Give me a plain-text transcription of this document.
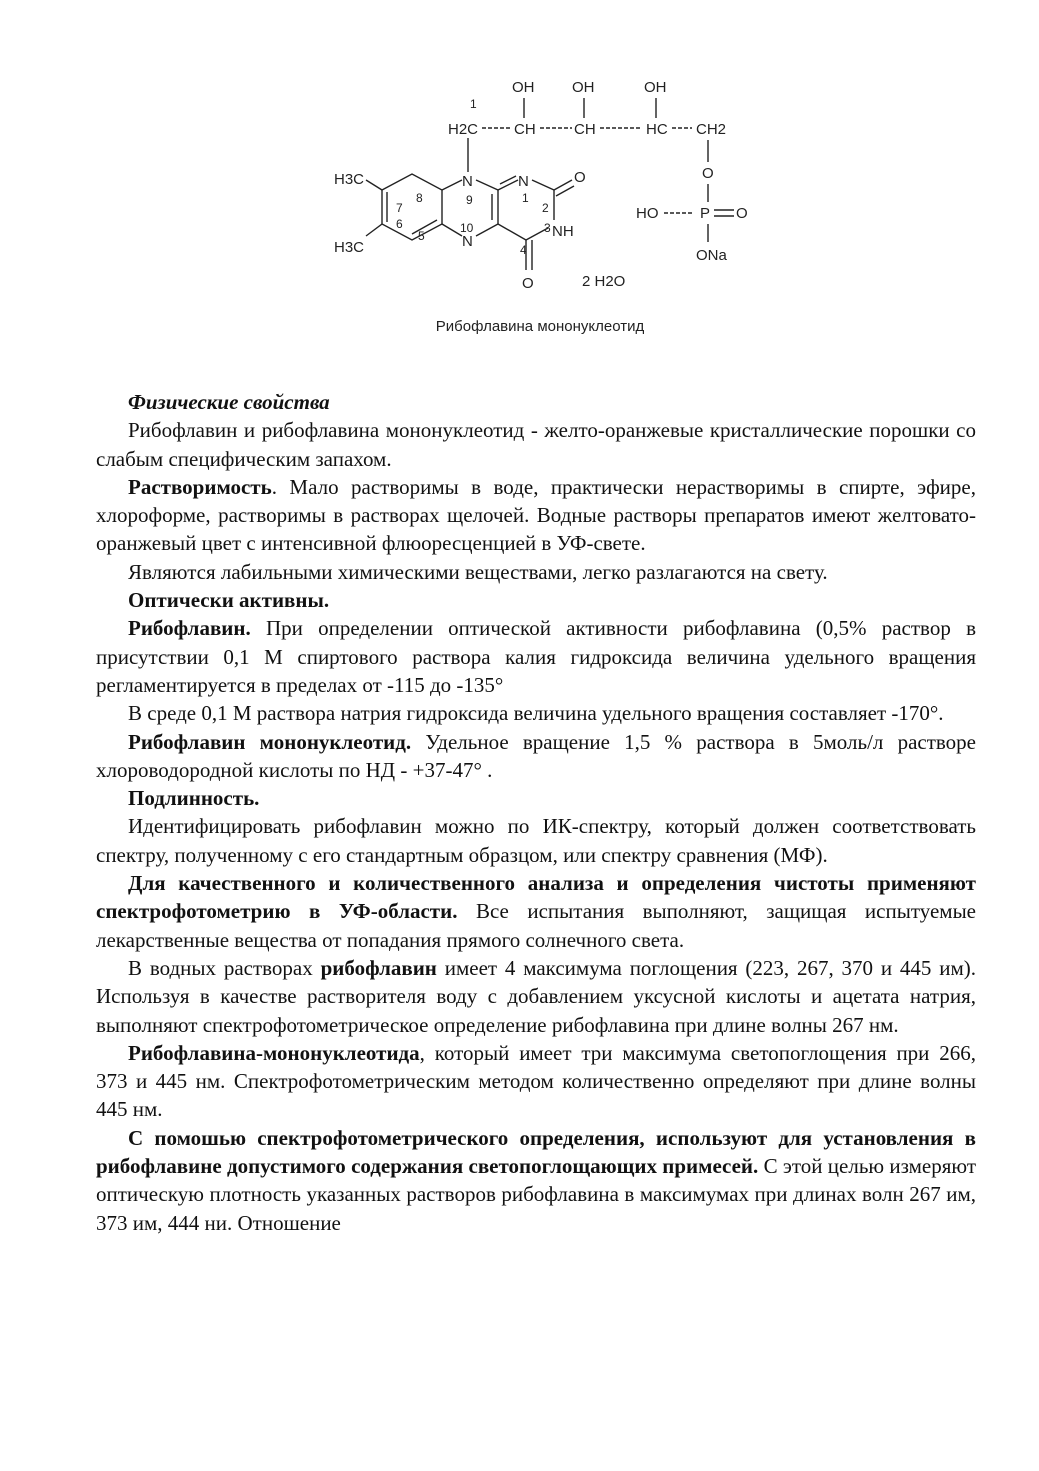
OH	OH	OH
1
H2C CH	CH	HC CH2
O
HO	P O
ONa
H3C
H3C
N	N
N
NH
O
O
9	1
2
10	3
4
7
8
6
5
2 H2O
Рибофлавина мононуклеотид

Физические свойства

Рибофлавин и рибофлавина мононуклеотид - желто-оранжевые кристаллические порошки со слабым специфическим запахом.

Растворимость. Мало растворимы в воде, практически нерастворимы в спирте, эфире, хлороформе, растворимы в растворах щелочей. Водные растворы препаратов имеют желтовато-оранжевый цвет с интенсивной флюоресценцией в УФ-свете.

Являются лабильными химическими веществами, легко разлагаются на свету.

Оптически активны.

Рибофлавин. При определении оптической активности рибофлавина (0,5% раствор в присутствии 0,1 М спиртового раствора калия гидроксида величина удельного вращения регламентируется в пределах от -115 до -135°

В среде 0,1 М раствора натрия гидроксида величина удельного вращения составляет -170°.

Рибофлавин мононуклеотид. Удельное вращение 1,5 % раствора в 5моль/л растворе хлороводородной кислоты по НД - +37-47° .

Подлинность.

Идентифицировать рибофлавин можно по ИК-спектру, который должен соответствовать спектру, полученному с его стандартным образцом, или спектру сравнения (МФ).

Для качественного и количественного анализа и определения чистоты применяют спектрофотометрию в УФ-области. Все испытания выполняют, защищая испытуемые лекарственные вещества от попадания прямого солнечного света.

В водных растворах рибофлавин имеет 4 максимума поглощения (223, 267, 370 и 445 им). Используя в качестве растворителя воду с добавлением уксусной кислоты и ацетата натрия, выполняют спектрофотометрическое определение рибофлавина при длине волны 267 нм.

Рибофлавина-мононуклеотида, который имеет три максимума светопоглощения при 266, 373 и 445 нм. Спектрофотометрическим методом количественно определяют при длине волны 445 нм.

С помошью спектрофотометрического определения, используют для установления в рибофлавине допустимого содержания светопоглощающих примесей. С этой целью измеряют оптическую плотность указанных растворов рибофлавина в максимумах при длинах волн 267 им, 373 им, 444 ни. Отношение
